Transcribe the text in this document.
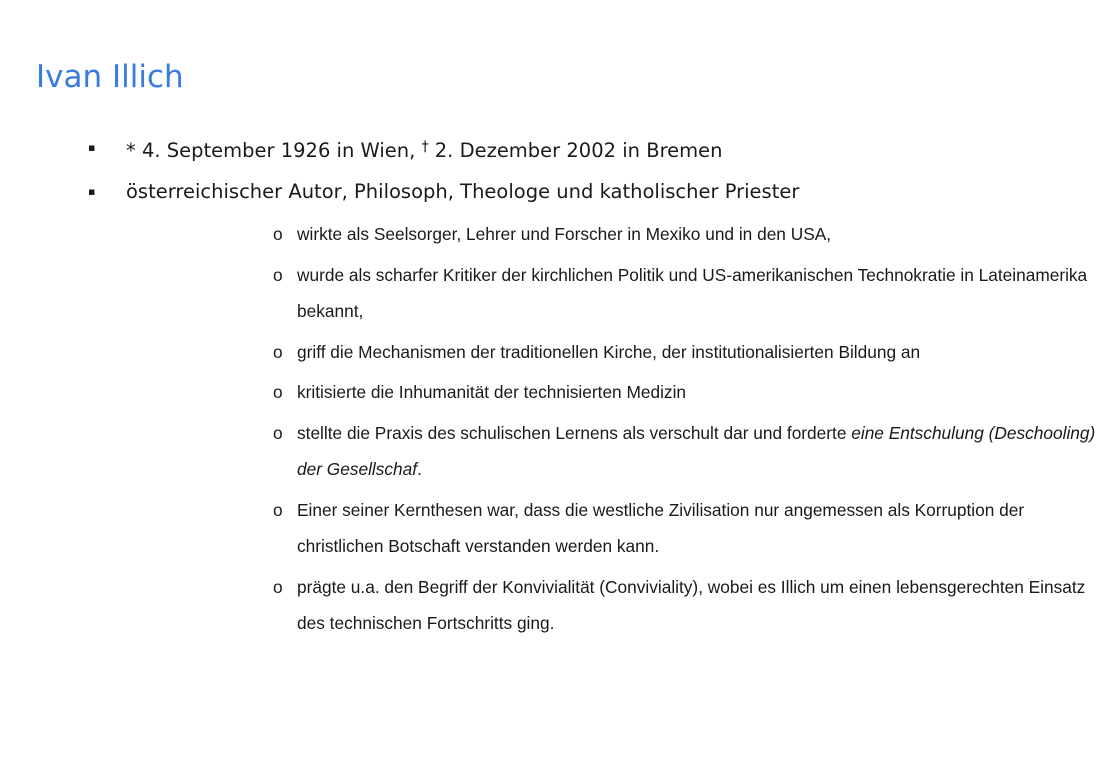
Ivan Illich
▪ * 4. September 1926 in Wien, † 2. Dezember 2002 in Bremen
▪ österreichischer Autor, Philosoph, Theologe und katholischer Priester
o wirkte als Seelsorger, Lehrer und Forscher in Mexiko und in den USA,
o wurde als scharfer Kritiker der kirchlichen Politik und US-amerikanischen Technokratie in Lateinamerika bekannt,
o griff die Mechanismen der traditionellen Kirche, der institutionalisierten Bildung an
o kritisierte die Inhumanität der technisierten Medizin
o stellte die Praxis des schulischen Lernens als verschult dar und forderte eine Entschulung (Deschooling) der Gesellschaf.
o Einer seiner Kernthesen war, dass die westliche Zivilisation nur angemessen als Korruption der christlichen Botschaft verstanden werden kann.
o prägte u.a. den Begriff der Konvivialität (Conviviality), wobei es Illich um einen lebensgerechten Einsatz des technischen Fortschritts ging.
